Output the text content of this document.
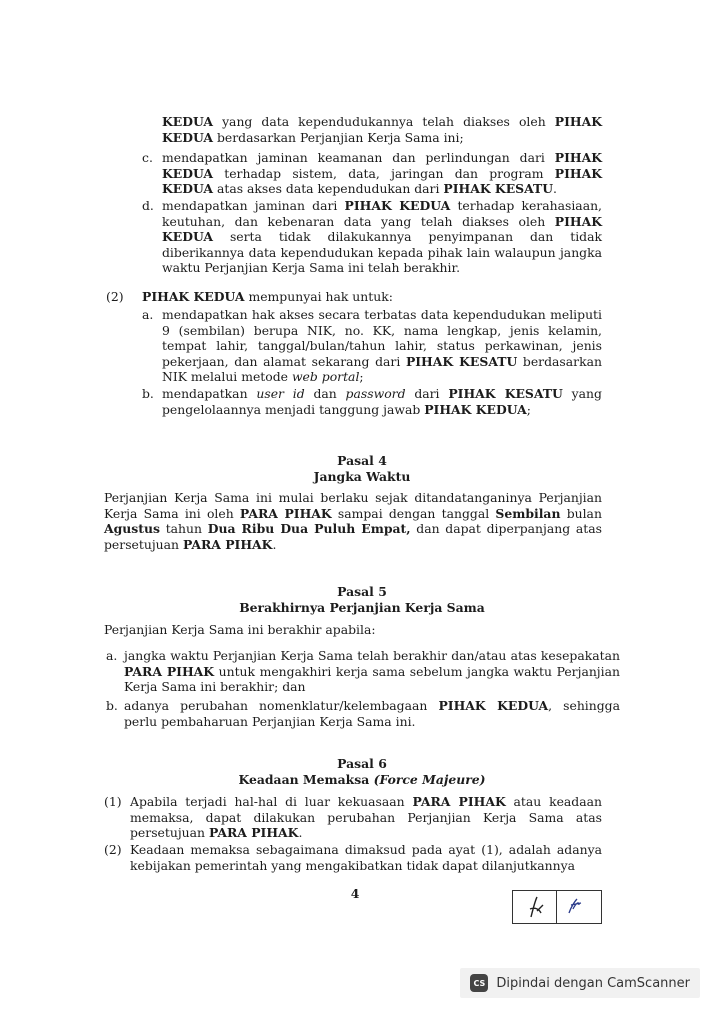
KEDUA yang data kependudukannya telah diakses oleh PIHAK KEDUA berdasarkan Perjanjian Kerja Sama ini;

c. mendapatkan jaminan keamanan dan perlindungan dari PIHAK KEDUA terhadap sistem, data, jaringan dan program PIHAK KEDUA atas akses data kependudukan dari PIHAK KESATU.

d. mendapatkan jaminan dari PIHAK KEDUA terhadap kerahasiaan, keutuhan, dan kebenaran data yang telah diakses oleh PIHAK KEDUA serta tidak dilakukannya penyimpanan dan tidak diberikannya data kependudukan kepada pihak lain walaupun jangka waktu Perjanjian Kerja Sama ini telah berakhir.

(2) PIHAK KEDUA mempunyai hak untuk:

a. mendapatkan hak akses secara terbatas data kependudukan meliputi 9 (sembilan) berupa NIK, no. KK, nama lengkap, jenis kelamin, tempat lahir, tanggal/bulan/tahun lahir, status perkawinan, jenis pekerjaan, dan alamat sekarang dari PIHAK KESATU berdasarkan NIK melalui metode web portal;

b. mendapatkan user id dan password dari PIHAK KESATU yang pengelolaannya menjadi tanggung jawab PIHAK KEDUA;

Pasal 4
Jangka Waktu

Perjanjian Kerja Sama ini mulai berlaku sejak ditandatanganinya Perjanjian Kerja Sama ini oleh PARA PIHAK sampai dengan tanggal Sembilan bulan Agustus tahun Dua Ribu Dua Puluh Empat, dan dapat diperpanjang atas persetujuan PARA PIHAK.

Pasal 5
Berakhirnya Perjanjian Kerja Sama

Perjanjian Kerja Sama ini berakhir apabila:

a. jangka waktu Perjanjian Kerja Sama telah berakhir dan/atau atas kesepakatan PARA PIHAK untuk mengakhiri kerja sama sebelum jangka waktu Perjanjian Kerja Sama ini berakhir; dan

b. adanya perubahan nomenklatur/kelembagaan PIHAK KEDUA, sehingga perlu pembaharuan Perjanjian Kerja Sama ini.

Pasal 6
Keadaan Memaksa (Force Majeure)
(1) Apabila terjadi hal-hal di luar kekuasaan PARA PIHAK atau keadaan memaksa, dapat dilakukan perubahan Perjanjian Kerja Sama atas persetujuan PARA PIHAK.

(2) Keadaan memaksa sebagaimana dimaksud pada ayat (1), adalah adanya kebijakan pemerintah yang mengakibatkan tidak dapat dilanjutkannya

4
CS Dipindai dengan CamScanner
